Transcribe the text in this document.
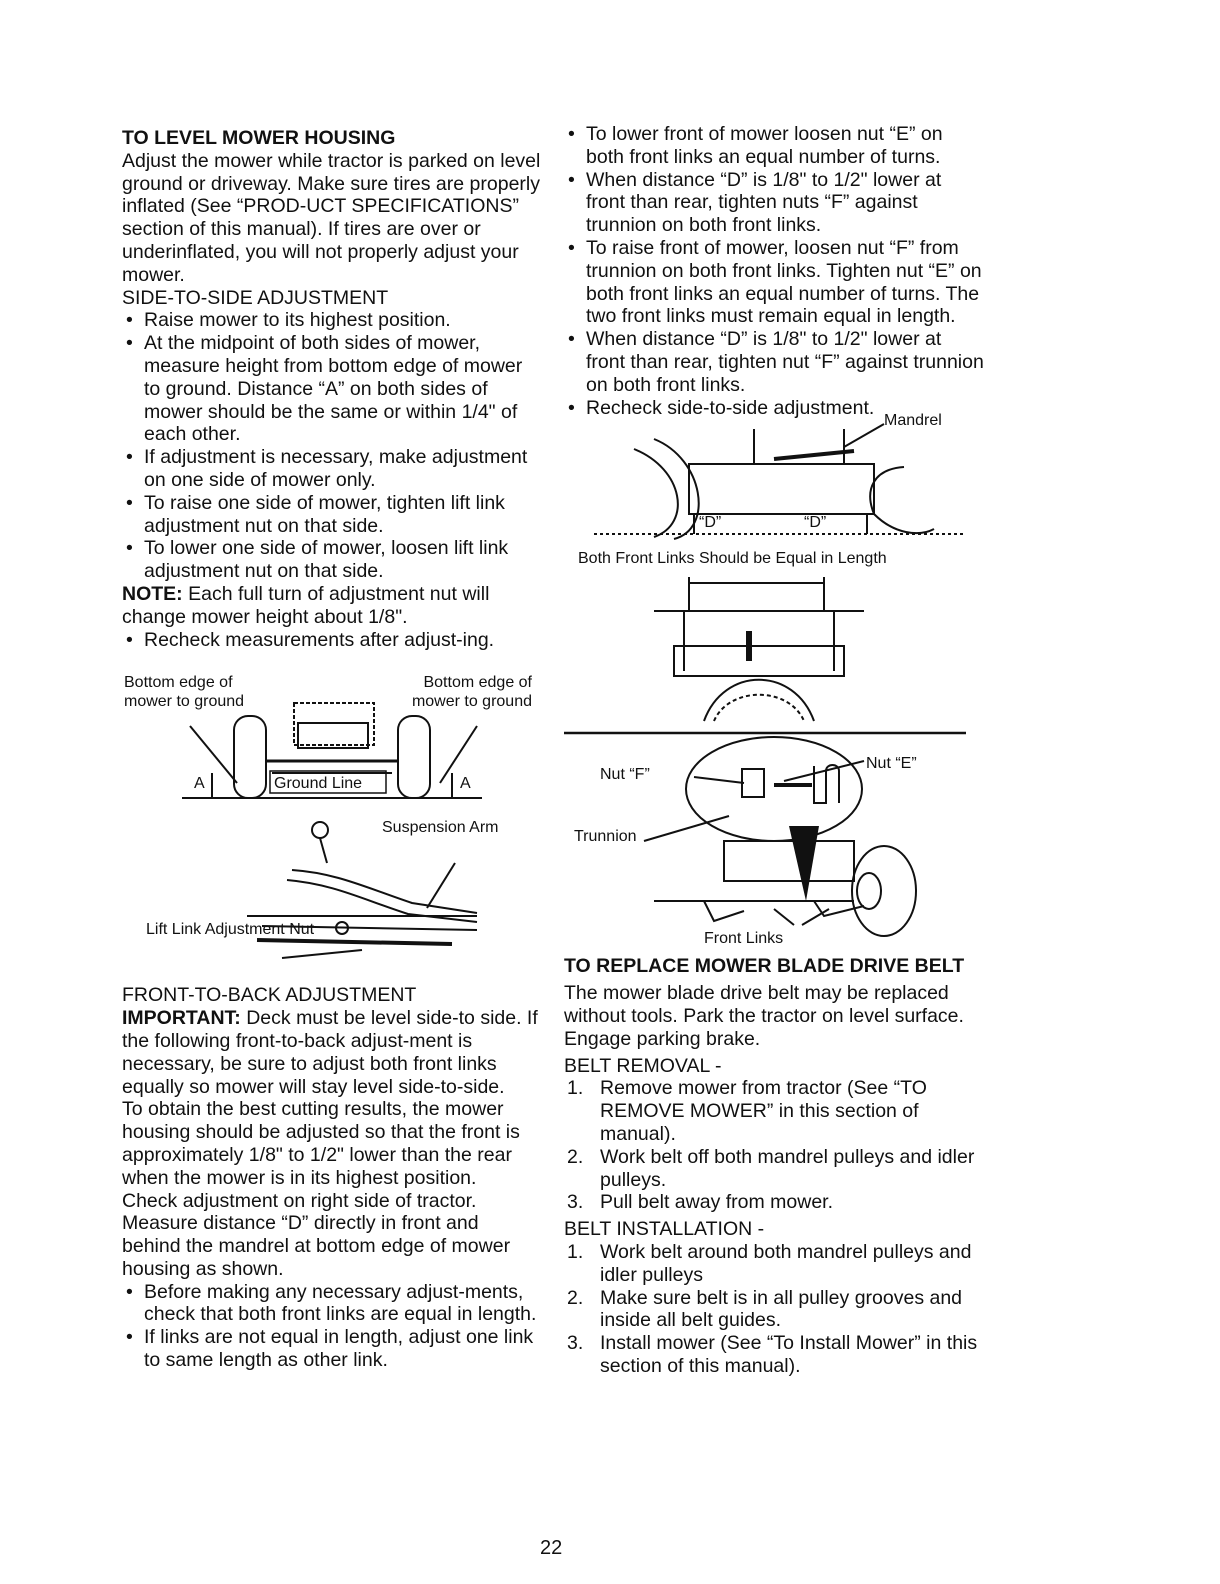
TO LEVEL MOWER HOUSING

Adjust the mower while tractor is parked on level ground or driveway. Make sure tires are properly inflated (See “PROD-UCT SPECIFICATIONS” section of this manual). If tires are over or underinflated, you will not properly adjust your mower.

SIDE-TO-SIDE ADJUSTMENT
• Raise mower to its highest position.
• At the midpoint of both sides of mower, measure height from bottom edge of mower to ground. Distance “A” on both sides of mower should be the same or within 1/4" of each other.
• If adjustment is necessary, make adjustment on one side of mower only.
• To raise one side of mower, tighten lift link adjustment nut on that side.
• To lower one side of mower, loosen lift link adjustment nut on that side.

NOTE: Each full turn of adjustment nut will change mower height about 1/8".

• Recheck measurements after adjust-ing.
Bottom edge of mower to ground
Bottom edge of mower to ground
Ground Line
A	A
Suspension Arm
Lift Link Adjustment Nut
FRONT-TO-BACK ADJUSTMENT

IMPORTANT: Deck must be level side-to side. If the following front-to-back adjust-ment is necessary, be sure to adjust both front links equally so mower will stay level side-to-side.

To obtain the best cutting results, the mower housing should be adjusted so that the front is approximately 1/8" to 1/2" lower than the rear when the mower is in its highest position.

Check adjustment on right side of tractor. Measure distance “D” directly in front and behind the mandrel at bottom edge of mower housing as shown.

• Before making any necessary adjust-ments, check that both front links are equal in length.
• If links are not equal in length, adjust one link to same length as other link.
• To lower front of mower loosen nut “E” on both front links an equal number of turns.
• When distance “D” is 1/8" to 1/2" lower at front than rear, tighten nuts “F” against trunnion on both front links.
• To raise front of mower, loosen nut “F” from trunnion on both front links. Tighten nut “E” on both front links an equal number of turns. The two front links must remain equal in length.
• When distance “D” is 1/8" to 1/2" lower at front than rear, tighten nut “F” against trunnion on both front links.
• Recheck side-to-side adjustment.
Mandrel
“D”	“D”
Both Front Links Should be Equal in Length
Nut “F”
Nut “E”
Trunnion
Front Links
TO REPLACE MOWER BLADE DRIVE BELT

The mower blade drive belt may be replaced without tools. Park the tractor on level surface. Engage parking brake.

BELT REMOVAL -
1. Remove mower from tractor (See “TO REMOVE MOWER” in this section of manual).
2. Work belt off both mandrel pulleys and idler pulleys.
3. Pull belt away from mower.
BELT INSTALLATION -
1. Work belt around both mandrel pulleys and idler pulleys
2. Make sure belt is in all pulley grooves and inside all belt guides.
3. Install mower (See “To Install Mower” in this section of this manual).
22
